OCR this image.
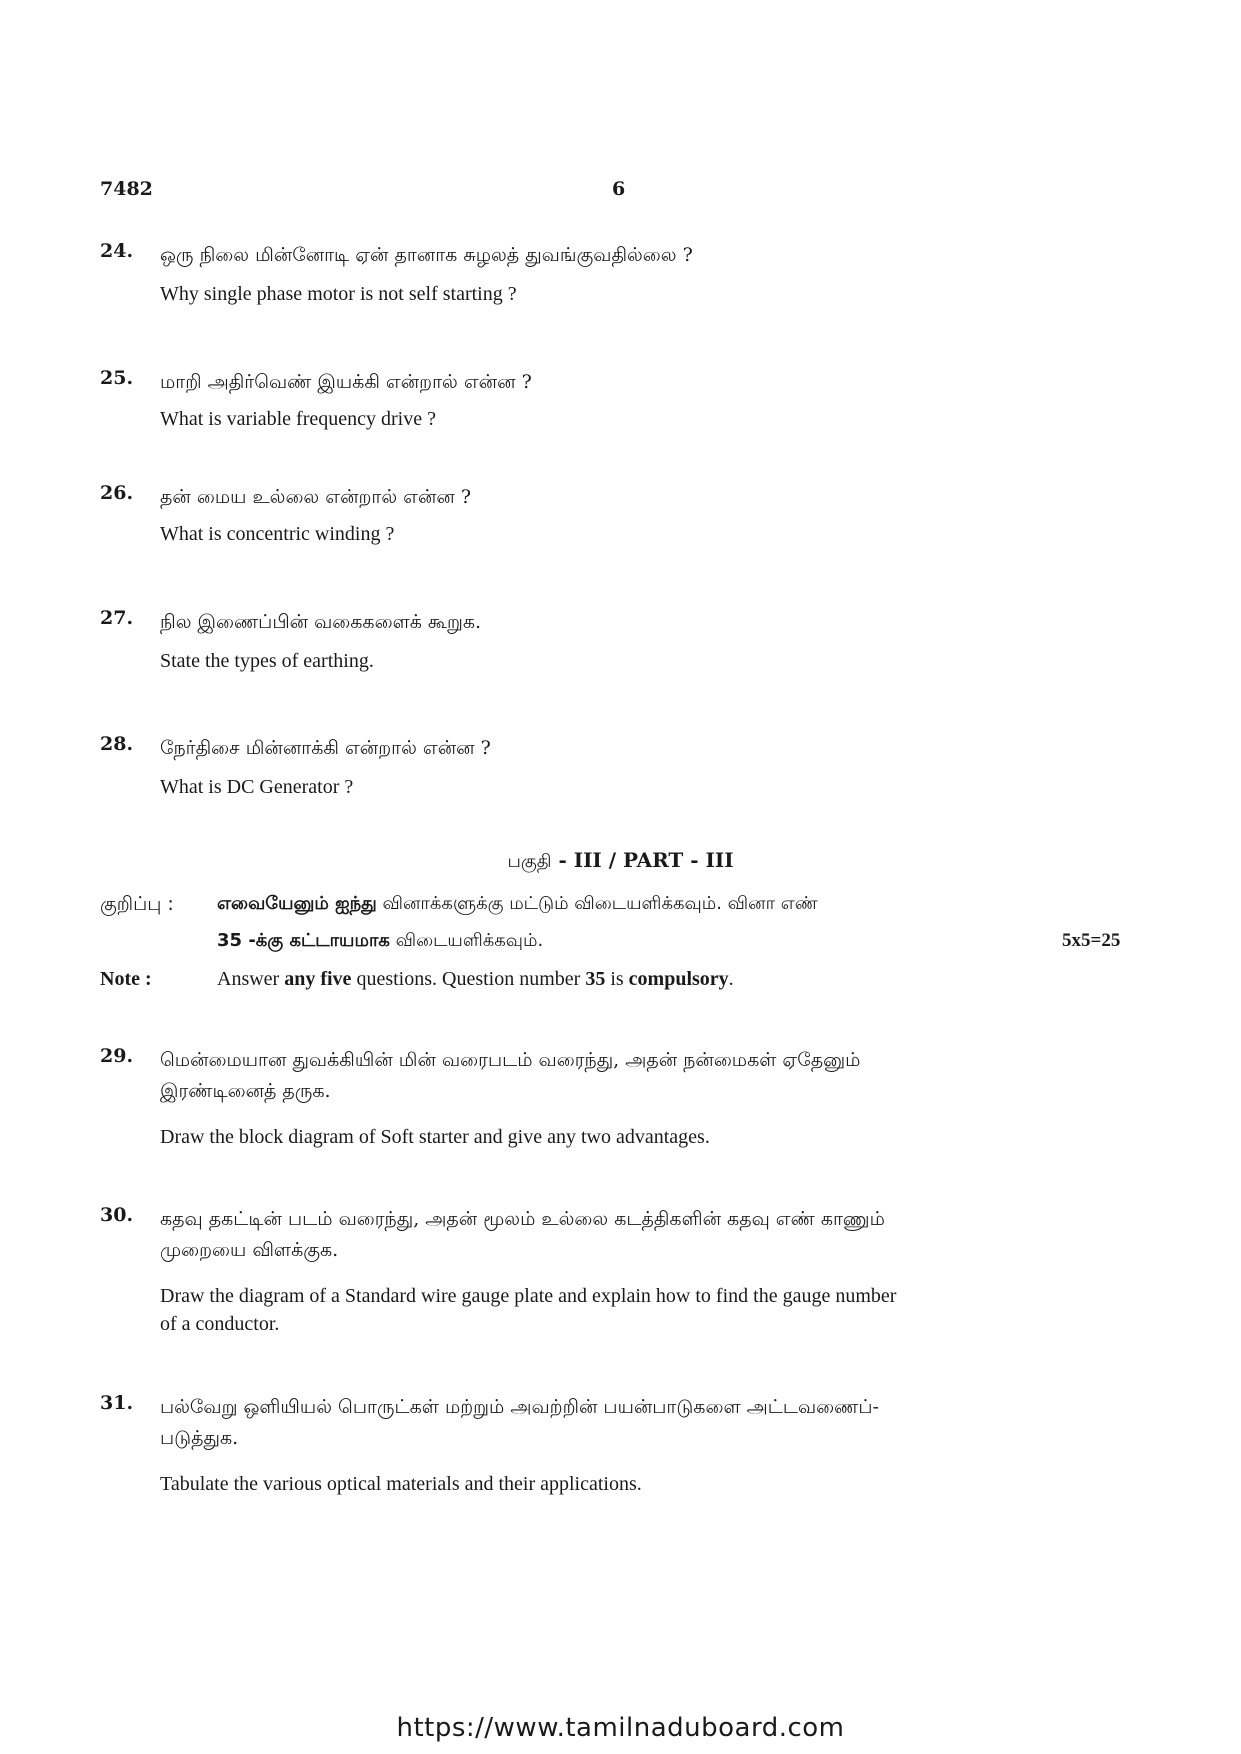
7482	6
24. ஒரு நிலை மின்னோடி ஏன் தானாக சுழலத் துவங்குவதில்லை ?
Why single phase motor is not self starting ?
25. மாறி அதிர்வெண் இயக்கி என்றால் என்ன ?
What is variable frequency drive ?
26. தன் மைய உல்லை என்றால் என்ன ?
What is concentric winding ?
27. நில இணைப்பின் வகைகளைக் கூறுக.
State the types of earthing.
28. நேர்திசை மின்னாக்கி என்றால் என்ன ?
What is DC Generator ?
பகுதி - III / PART - III
குறிப்பு : எவையேனும் ஐந்து வினாக்களுக்கு மட்டும் விடையளிக்கவும். வினா எண்
35 -க்கு கட்டாயமாக விடையளிக்கவும்.	5x5=25
Note :	Answer any five questions. Question number 35 is compulsory.
29. மென்மையான துவக்கியின் மின் வரைபடம் வரைந்து, அதன் நன்மைகள் ஏதேனும்
இரண்டினைத் தருக.
Draw the block diagram of Soft starter and give any two advantages.
30. கதவு தகட்டின் படம் வரைந்து, அதன் மூலம் உல்லை கடத்திகளின் கதவு எண் காணும்
முறையை விளக்குக.
Draw the diagram of a Standard wire gauge plate and explain how to find the gauge number
of a conductor.
31. பல்வேறு ஒளியியல் பொருட்கள் மற்றும் அவற்றின் பயன்பாடுகளை அட்டவணைப்-
படுத்துக.
Tabulate the various optical materials and their applications.
https://www.tamilnaduboard.com
